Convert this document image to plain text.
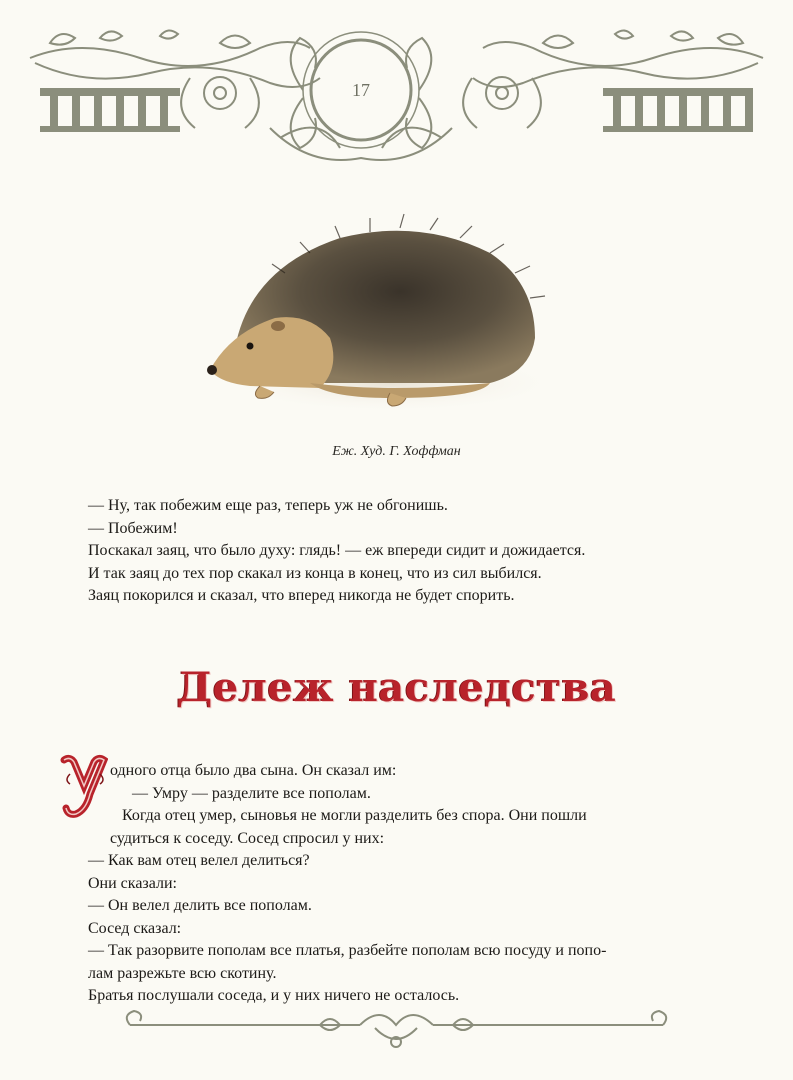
17
Еж. Худ. Г. Хоффман

— Ну, так побежим еще раз, теперь уж не обгонишь.

— Побежим!

Поскакал заяц, что было духу: глядь! — еж впереди сидит и дожидается.

И так заяц до тех пор скакал из конца в конец, что из сил выбился.

Заяц покорился и сказал, что вперед никогда не будет спорить.

Дележ наследства

одного отца было два сына. Он сказал им:

— Умру — разделите все пополам.

Когда отец умер, сыновья не могли разделить без спора. Они пошли

судиться к соседу. Сосед спросил у них:

— Как вам отец велел делиться?

Они сказали:

— Он велел делить все пополам.

Сосед сказал:

— Так разорвите пополам все платья, разбейте пополам всю посуду и попо-

лам разрежьте всю скотину.

Братья послушали соседа, и у них ничего не осталось.
